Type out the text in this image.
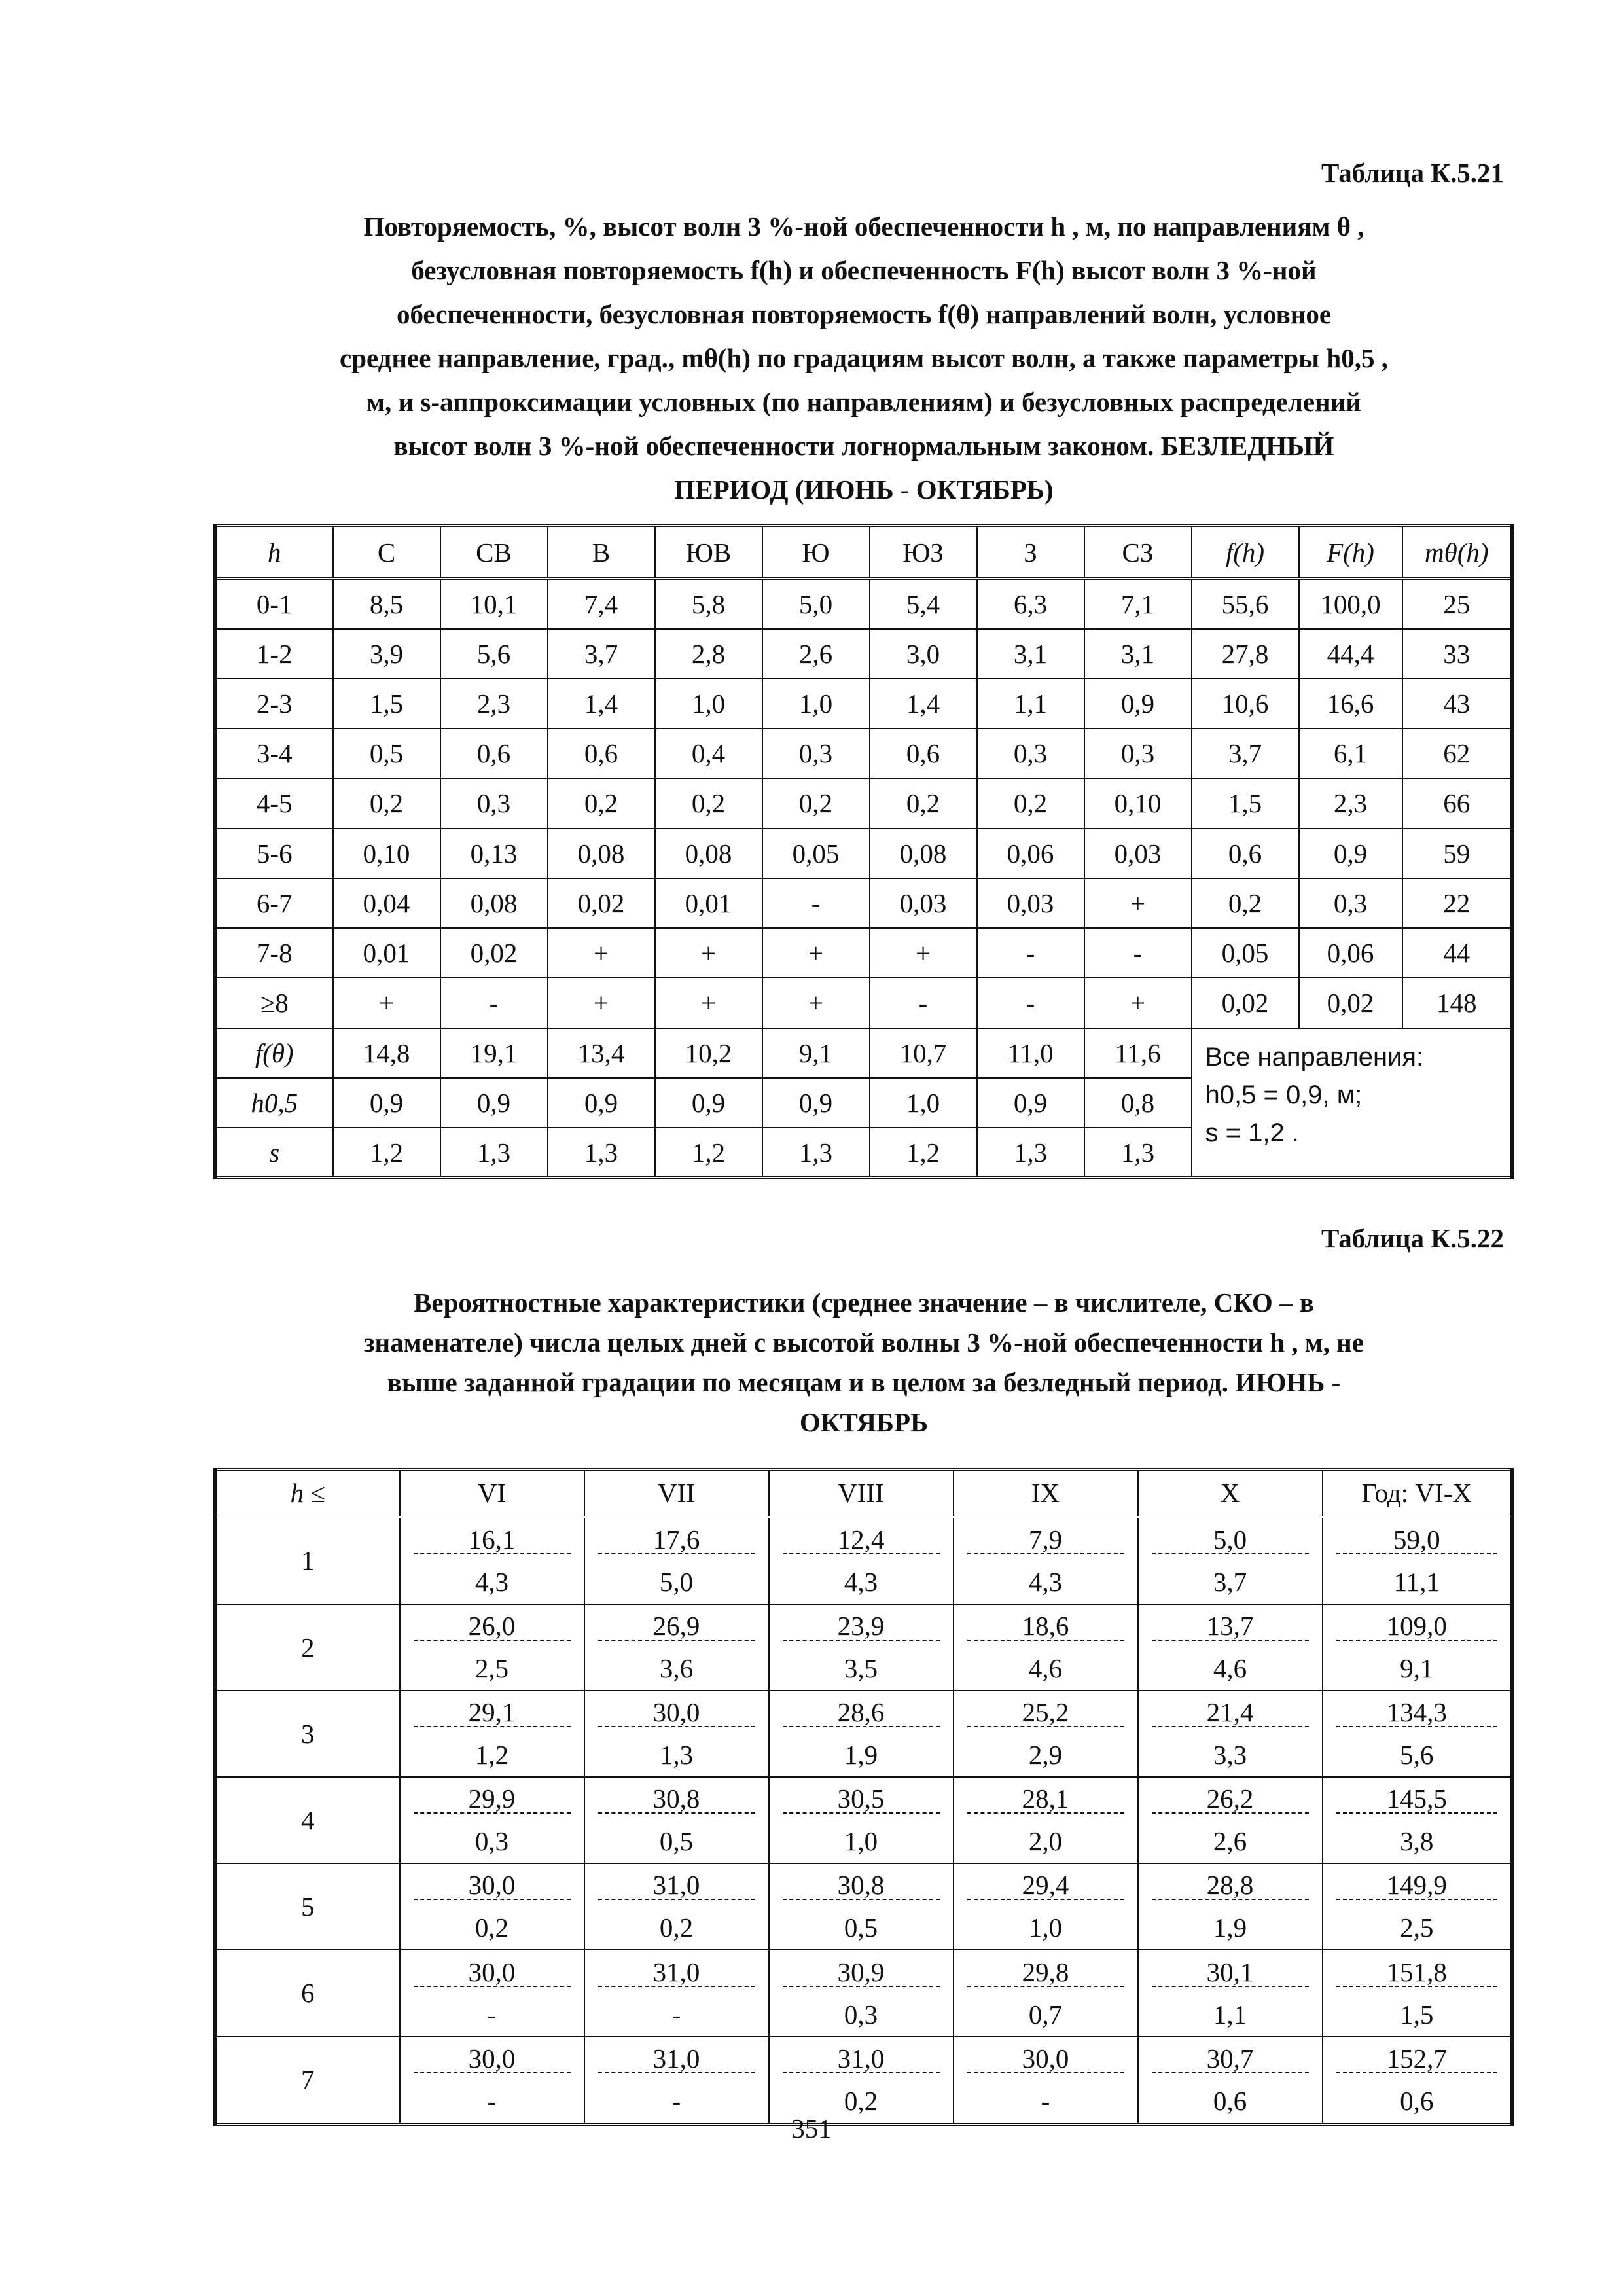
Таблица К.5.21
Повторяемость, %, высот волн 3 %-ной обеспеченности h , м, по направлениям θ ,
безусловная повторяемость f(h) и обеспеченность F(h) высот волн 3 %-ной
обеспеченности, безусловная повторяемость f(θ) направлений волн, условное
среднее направление, град., mθ(h) по градациям высот волн, а также параметры h0,5 ,
м, и s-аппроксимации условных (по направлениям) и безусловных распределений
высот волн 3 %-ной обеспеченности логнормальным законом. БЕЗЛЕДНЫЙ
ПЕРИОД (ИЮНЬ - ОКТЯБРЬ)
h	С	СВ	В	ЮВ	Ю	ЮЗ	З	СЗ	f(h)	F(h)	mθ(h)
0-1	8,5	10,1	7,4	5,8	5,0	5,4	6,3	7,1	55,6	100,0	25
1-2	3,9	5,6	3,7	2,8	2,6	3,0	3,1	3,1	27,8	44,4	33
2-3	1,5	2,3	1,4	1,0	1,0	1,4	1,1	0,9	10,6	16,6	43
3-4	0,5	0,6	0,6	0,4	0,3	0,6	0,3	0,3	3,7	6,1	62
4-5	0,2	0,3	0,2	0,2	0,2	0,2	0,2	0,10	1,5	2,3	66
5-6	0,10	0,13	0,08	0,08	0,05	0,08	0,06	0,03	0,6	0,9	59
6-7	0,04	0,08	0,02	0,01	-	0,03	0,03	+	0,2	0,3	22
7-8	0,01	0,02	+	+	+	+	-	-	0,05	0,06	44
≥8	+	-	+	+	+	-	-	+	0,02	0,02	148
f(θ)	14,8	19,1	13,4	10,2	9,1	10,7	11,0	11,6	Все направления:
h0,5 = 0,9, м;
s = 1,2 .		

h0,5	0,9	0,9	0,9	0,9	0,9	1,0	0,9	0,8			
s	1,2	1,3	1,3	1,2	1,3	1,2	1,3	1,3			
Таблица К.5.22
Вероятностные характеристики (среднее значение – в числителе, СКО – в
знаменателе) числа целых дней с высотой волны 3 %-ной обеспеченности h , м, не
выше заданной градации по месяцам и в целом за безледный период. ИЮНЬ -
ОКТЯБРЬ
h ≤	VI	VII	VIII	IX	X	Год: VI-X
1	16,1	17,6	12,4	7,9	5,0	59,0

	4,3	5,0	4,3	4,3	3,7	11,1
2	26,0	26,9	23,9	18,6	13,7	109,0

	2,5	3,6	3,5	4,6	4,6	9,1
3	29,1	30,0	28,6	25,2	21,4	134,3

	1,2	1,3	1,9	2,9	3,3	5,6
4	29,9	30,8	30,5	28,1	26,2	145,5

	0,3	0,5	1,0	2,0	2,6	3,8
5	30,0	31,0	30,8	29,4	28,8	149,9

	0,2	0,2	0,5	1,0	1,9	2,5
6	30,0	31,0	30,9	29,8	30,1	151,8

	-	-	0,3	0,7	1,1	1,5
7	30,0	31,0	31,0	30,0	30,7	152,7

	-	-	0,2	-	0,6	0,6
351
